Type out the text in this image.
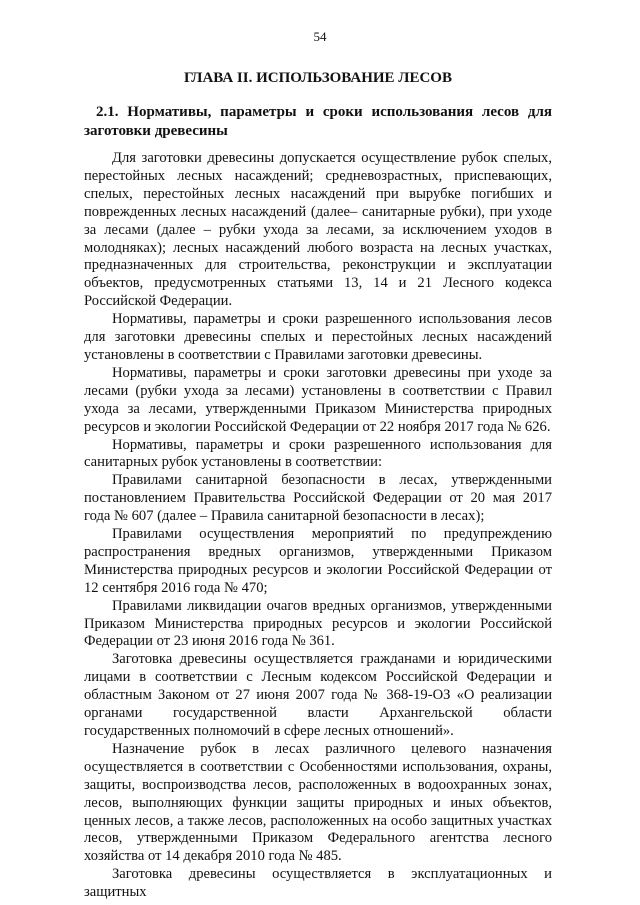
54
ГЛАВА II. ИСПОЛЬЗОВАНИЕ ЛЕСОВ
2.1. Нормативы, параметры и сроки использования лесов для заготовки древесины

Для заготовки древесины допускается осуществление рубок спелых, перестойных лесных насаждений; средневозрастных, приспевающих, спелых, перестойных лесных насаждений при вырубке погибших и поврежденных лесных насаждений (далее– санитарные рубки), при уходе за лесами (далее – рубки ухода за лесами, за исключением уходов в молодняках); лесных насаждений любого возраста на лесных участках, предназначенных для строительства, реконструкции и эксплуатации объектов, предусмотренных статьями 13, 14 и 21 Лесного кодекса Российской Федерации.

Нормативы, параметры и сроки разрешенного использования лесов для заготовки древесины спелых и перестойных лесных насаждений установлены в соответствии с Правилами заготовки древесины.

Нормативы, параметры и сроки заготовки древесины при уходе за лесами (рубки ухода за лесами) установлены в соответствии с Правил ухода за лесами, утвержденными Приказом Министерства природных ресурсов и экологии Российской Федерации от 22 ноября 2017 года № 626.

Нормативы, параметры и сроки разрешенного использования для санитарных рубок установлены в соответствии:

Правилами санитарной безопасности в лесах, утвержденными постановлением Правительства Российской Федерации от 20 мая 2017 года № 607 (далее – Правила санитарной безопасности в лесах);

Правилами осуществления мероприятий по предупреждению распространения вредных организмов, утвержденными Приказом Министерства природных ресурсов и экологии Российской Федерации от 12 сентября 2016 года № 470;

Правилами ликвидации очагов вредных организмов, утвержденными Приказом Министерства природных ресурсов и экологии Российской Федерации от 23 июня 2016 года № 361.

Заготовка древесины осуществляется гражданами и юридическими лицами в соответствии с Лесным кодексом Российской Федерации и областным Законом от 27 июня 2007 года № 368-19-ОЗ «О реализации органами государственной власти Архангельской области государственных полномочий в сфере лесных отношений».

Назначение рубок в лесах различного целевого назначения осуществляется в соответствии с Особенностями использования, охраны, защиты, воспроизводства лесов, расположенных в водоохранных зонах, лесов, выполняющих функции защиты природных и иных объектов, ценных лесов, а также лесов, расположенных на особо защитных участках лесов, утвержденными Приказом Федерального агентства лесного хозяйства от 14 декабря 2010 года № 485.

Заготовка древесины осуществляется в эксплуатационных и защитных
